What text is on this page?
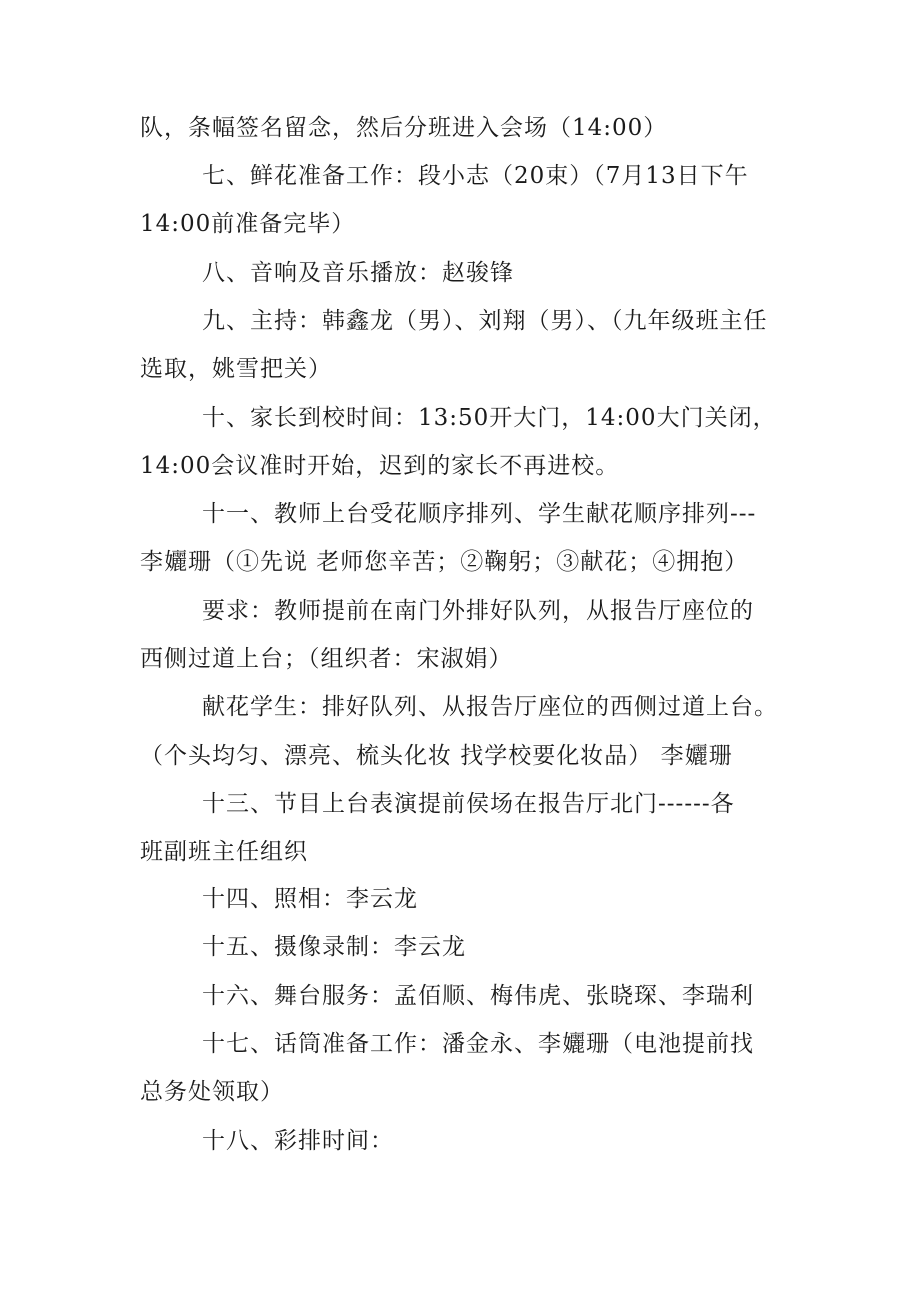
队，条幅签名留念，然后分班进入会场（14:00）
七、鲜花准备工作：段小志（20束）（7月13日下午
14:00前准备完毕）
八、音响及音乐播放：赵骏锋
九、主持：韩鑫龙（男）、刘翔（男）、（九年级班主任
选取，姚雪把关）
十、家长到校时间：13:50开大门，14:00大门关闭，
14:00会议准时开始，迟到的家长不再进校。
十一、教师上台受花顺序排列、学生献花顺序排列---
李孋珊（①先说 老师您辛苦；②鞠躬；③献花；④拥抱）
要求：教师提前在南门外排好队列，从报告厅座位的
西侧过道上台；（组织者：宋淑娟）
献花学生：排好队列、从报告厅座位的西侧过道上台。
（个头均匀、漂亮、梳头化妆 找学校要化妆品） 李孋珊
十三、节目上台表演提前侯场在报告厅北门------各
班副班主任组织
十四、照相：李云龙
十五、摄像录制：李云龙
十六、舞台服务：孟佰顺、梅伟虎、张晓琛、李瑞利
十七、话筒准备工作：潘金永、李孋珊（电池提前找
总务处领取）
十八、彩排时间：
